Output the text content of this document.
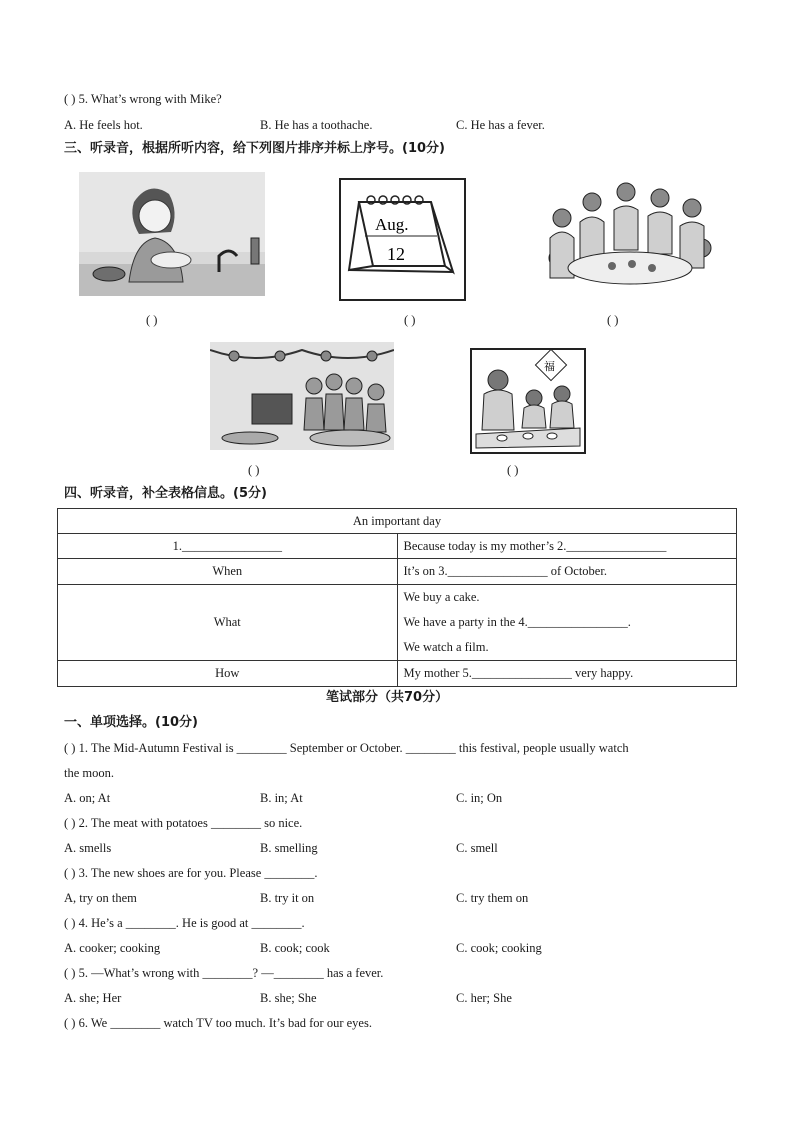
( ) 5. What’s wrong with Mike?
A. He feels hot.	B. He has a toothache.	C. He has a fever.
三、听录音，根据所听内容，给下列图片排序并标上序号。(10分)
Aug.
12
( )	( )	( )
福
( )	( )
四、听录音，补全表格信息。(5分)
An important day	
1.________________	Because today is my mother’s 2.________________
When	It’s on 3.________________ of October.
What	We buy a cake.
We have a party in the 4.________________.
We watch a film.

How	My mother 5.________________ very happy.
笔试部分（共70分）
一、单项选择。(10分)
( ) 1. The Mid-Autumn Festival is ________ September or October. ________ this festival, people usually watch
the moon.
A. on; At	B. in; At	C. in; On
( ) 2. The meat with potatoes ________ so nice.
A. smells	B. smelling	C. smell
( ) 3. The new shoes are for you. Please ________.
A, try on them	B. try it on	C. try them on
( ) 4. He’s a ________. He is good at ________.
A. cooker; cooking	B. cook; cook	C. cook; cooking
( ) 5. —What’s wrong with ________? —________ has a fever.
A. she; Her	B. she; She	C. her; She
( ) 6. We ________ watch TV too much. It’s bad for our eyes.
